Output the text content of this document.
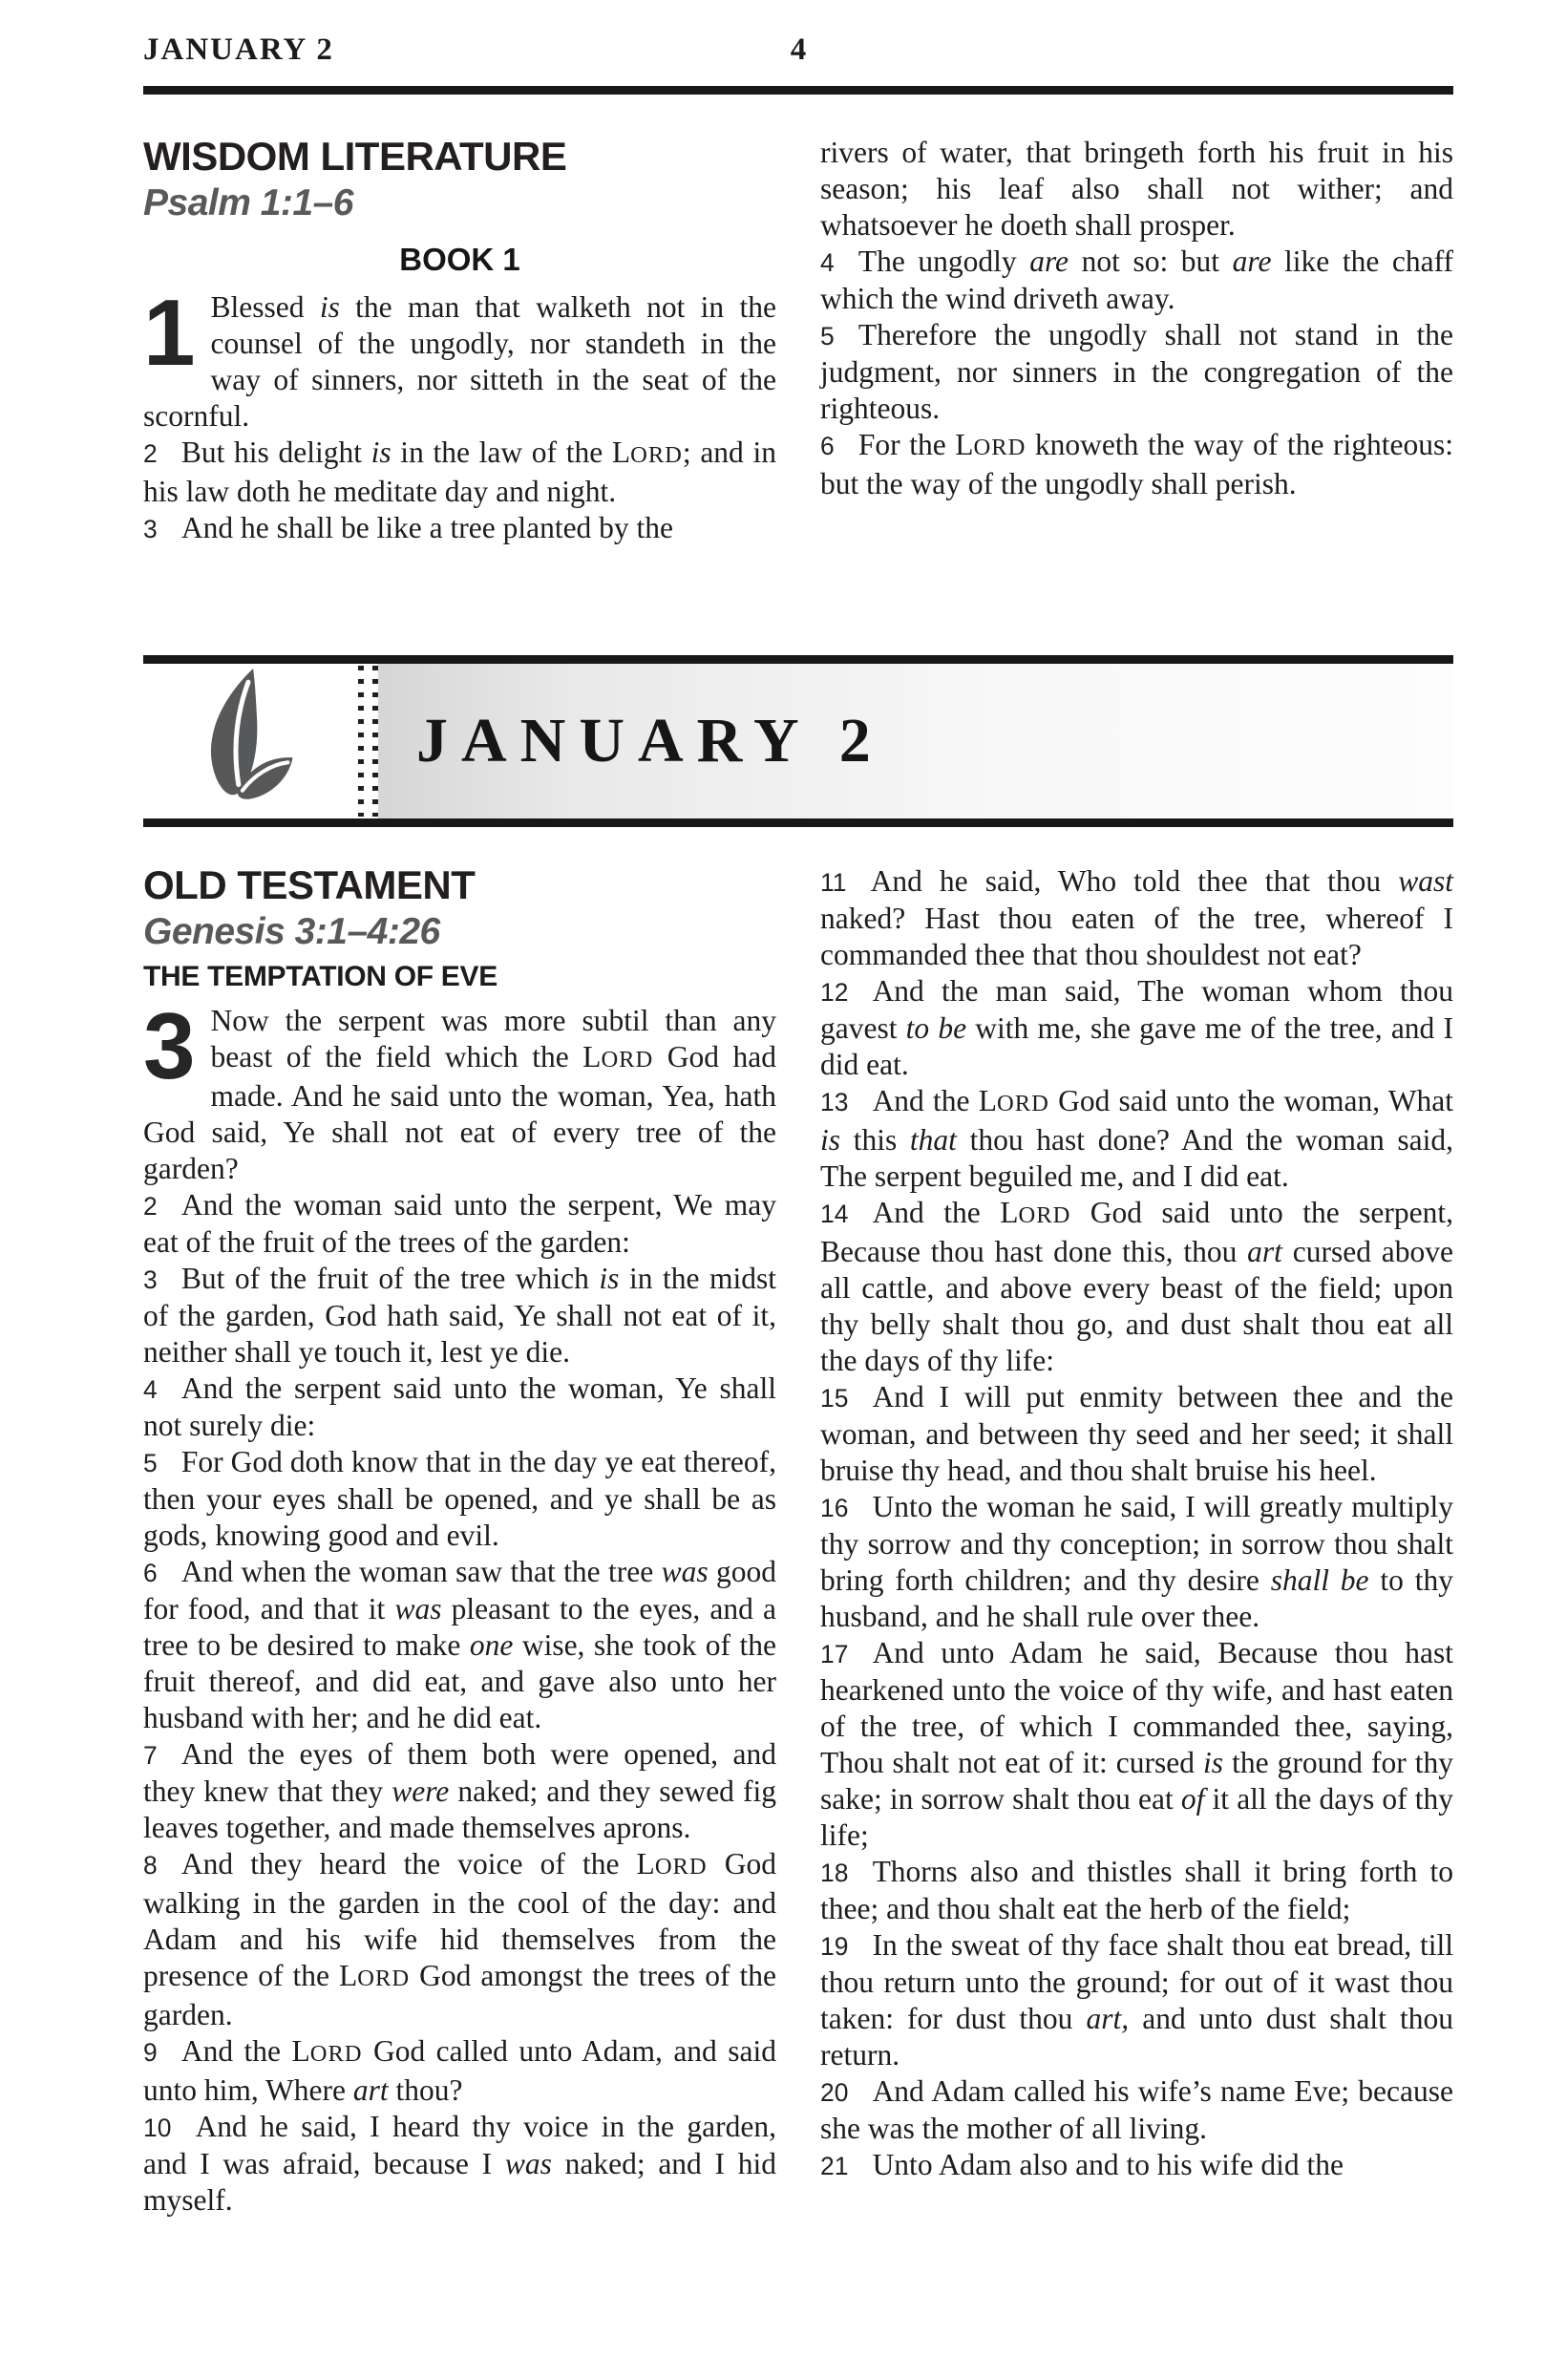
JANUARY 2	4
WISDOM LITERATURE
Psalm 1:1–6
BOOK 1

1 Blessed is the man that walketh not in the counsel of the ungodly, nor standeth in the way of sinners, nor sitteth in the seat of the scornful.

2 But his delight is in the law of the LORD; and in his law doth he meditate day and night.

3 And he shall be like a tree planted by the

rivers of water, that bringeth forth his fruit in his season; his leaf also shall not wither; and whatsoever he doeth shall prosper.

4 The ungodly are not so: but are like the chaff which the wind driveth away.

5 Therefore the ungodly shall not stand in the judgment, nor sinners in the congregation of the righteous.

6 For the LORD knoweth the way of the righteous: but the way of the ungodly shall perish.

JANUARY 2
OLD TESTAMENT
Genesis 3:1–4:26
THE TEMPTATION OF EVE

3 Now the serpent was more subtil than any beast of the field which the LORD God had made. And he said unto the woman, Yea, hath God said, Ye shall not eat of every tree of the garden?

2 And the woman said unto the serpent, We may eat of the fruit of the trees of the garden:

3 But of the fruit of the tree which is in the midst of the garden, God hath said, Ye shall not eat of it, neither shall ye touch it, lest ye die.

4 And the serpent said unto the woman, Ye shall not surely die:

5 For God doth know that in the day ye eat thereof, then your eyes shall be opened, and ye shall be as gods, knowing good and evil.

6 And when the woman saw that the tree was good for food, and that it was pleasant to the eyes, and a tree to be desired to make one wise, she took of the fruit thereof, and did eat, and gave also unto her husband with her; and he did eat.

7 And the eyes of them both were opened, and they knew that they were naked; and they sewed fig leaves together, and made themselves aprons.

8 And they heard the voice of the LORD God walking in the garden in the cool of the day: and Adam and his wife hid themselves from the presence of the LORD God amongst the trees of the garden.

9 And the LORD God called unto Adam, and said unto him, Where art thou?

10 And he said, I heard thy voice in the garden, and I was afraid, because I was naked; and I hid myself.

11 And he said, Who told thee that thou wast naked? Hast thou eaten of the tree, whereof I commanded thee that thou shouldest not eat?

12 And the man said, The woman whom thou gavest to be with me, she gave me of the tree, and I did eat.

13 And the LORD God said unto the woman, What is this that thou hast done? And the woman said, The serpent beguiled me, and I did eat.

14 And the LORD God said unto the serpent, Because thou hast done this, thou art cursed above all cattle, and above every beast of the field; upon thy belly shalt thou go, and dust shalt thou eat all the days of thy life:

15 And I will put enmity between thee and the woman, and between thy seed and her seed; it shall bruise thy head, and thou shalt bruise his heel.

16 Unto the woman he said, I will greatly multiply thy sorrow and thy conception; in sorrow thou shalt bring forth children; and thy desire shall be to thy husband, and he shall rule over thee.

17 And unto Adam he said, Because thou hast hearkened unto the voice of thy wife, and hast eaten of the tree, of which I commanded thee, saying, Thou shalt not eat of it: cursed is the ground for thy sake; in sorrow shalt thou eat of it all the days of thy life;

18 Thorns also and thistles shall it bring forth to thee; and thou shalt eat the herb of the field;

19 In the sweat of thy face shalt thou eat bread, till thou return unto the ground; for out of it wast thou taken: for dust thou art, and unto dust shalt thou return.

20 And Adam called his wife’s name Eve; because she was the mother of all living.

21 Unto Adam also and to his wife did the
